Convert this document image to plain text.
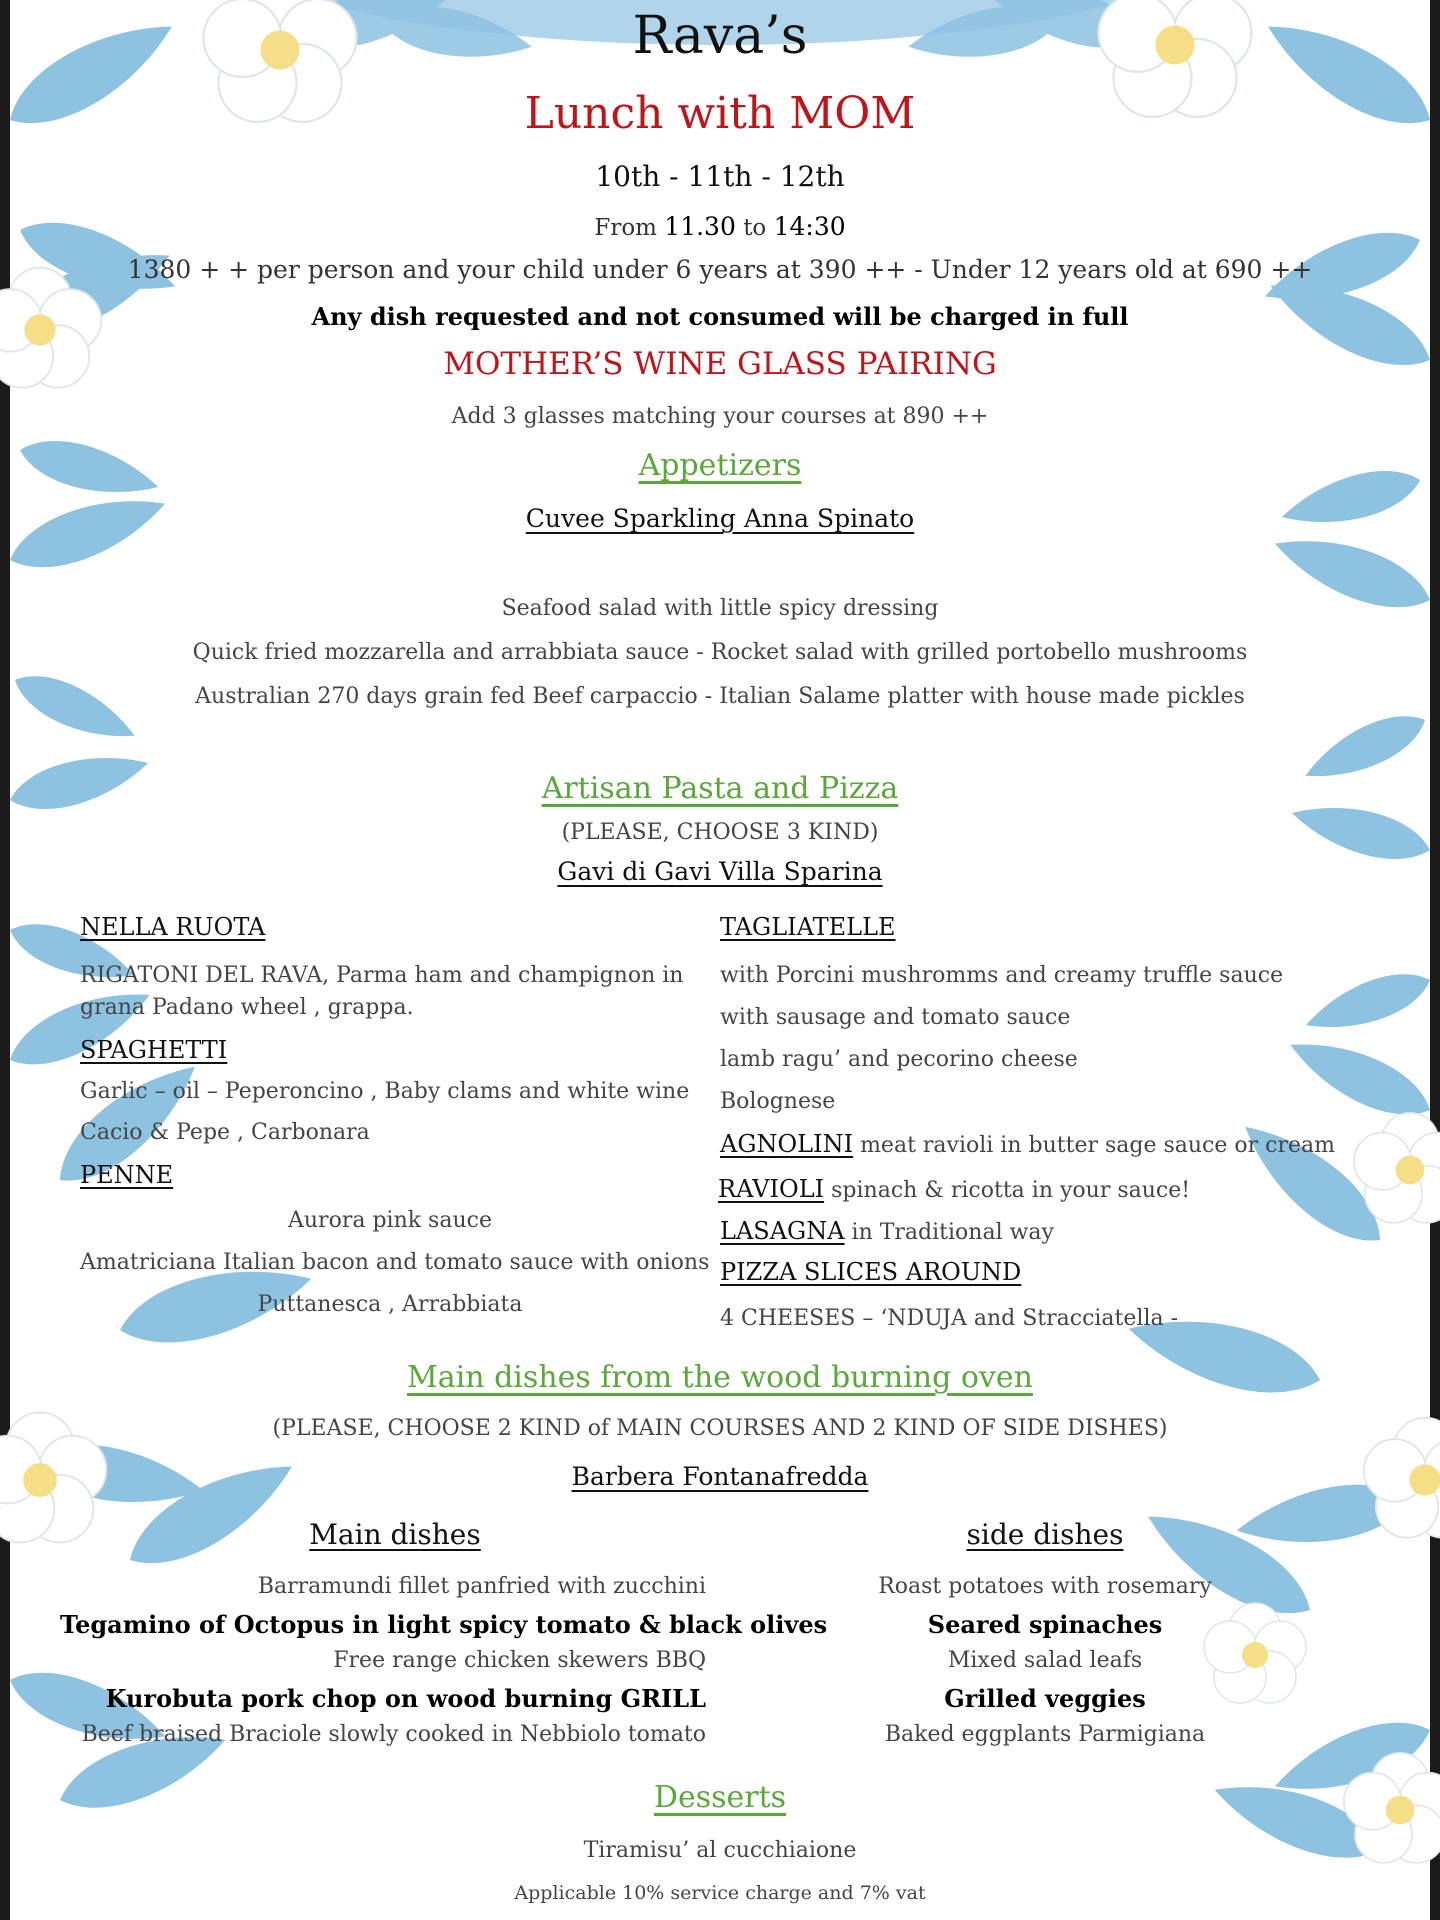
Rava’s
Lunch with MOM
10th - 11th - 12th
From 11.30 to 14:30
1380 + + per person and your child under 6 years at 390 ++ - Under 12 years old at 690 ++
Any dish requested and not consumed will be charged in full
MOTHER’S WINE GLASS PAIRING
Add 3 glasses matching your courses at 890 ++
Appetizers
Cuvee Sparkling Anna Spinato
Seafood salad with little spicy dressing
Quick fried mozzarella and arrabbiata sauce - Rocket salad with grilled portobello mushrooms
Australian 270 days grain fed Beef carpaccio - Italian Salame platter with house made pickles
Artisan Pasta and Pizza
(PLEASE, CHOOSE 3 KIND)
Gavi di Gavi Villa Sparina
NELLA RUOTA
RIGATONI DEL RAVA, Parma ham and champignon in
grana Padano wheel , grappa.
SPAGHETTI
Garlic – oil – Peperoncino , Baby clams and white wine
Cacio & Pepe , Carbonara
PENNE
Aurora pink sauce
Amatriciana Italian bacon and tomato sauce with onions
Puttanesca , Arrabbiata
TAGLIATELLE
with Porcini mushromms and creamy truffle sauce
with sausage and tomato sauce
lamb ragu’ and pecorino cheese
Bolognese
AGNOLINI meat ravioli in butter sage sauce or cream
RAVIOLI spinach & ricotta in your sauce!
LASAGNA in Traditional way
PIZZA SLICES AROUND
4 CHEESES – ‘NDUJA and Stracciatella -
Main dishes from the wood burning oven
(PLEASE, CHOOSE 2 KIND of MAIN COURSES AND 2 KIND OF SIDE DISHES)
Barbera Fontanafredda
Main dishes	side dishes
Barramundi fillet panfried with zucchini
Tegamino of Octopus in light spicy tomato & black olives
Free range chicken skewers BBQ
Kurobuta pork chop on wood burning GRILL
Beef braised Braciole slowly cooked in Nebbiolo tomato
Roast potatoes with rosemary
Seared spinaches
Mixed salad leafs
Grilled veggies
Baked eggplants Parmigiana
Desserts
Tiramisu’ al cucchiaione
Applicable 10% service charge and 7% vat
